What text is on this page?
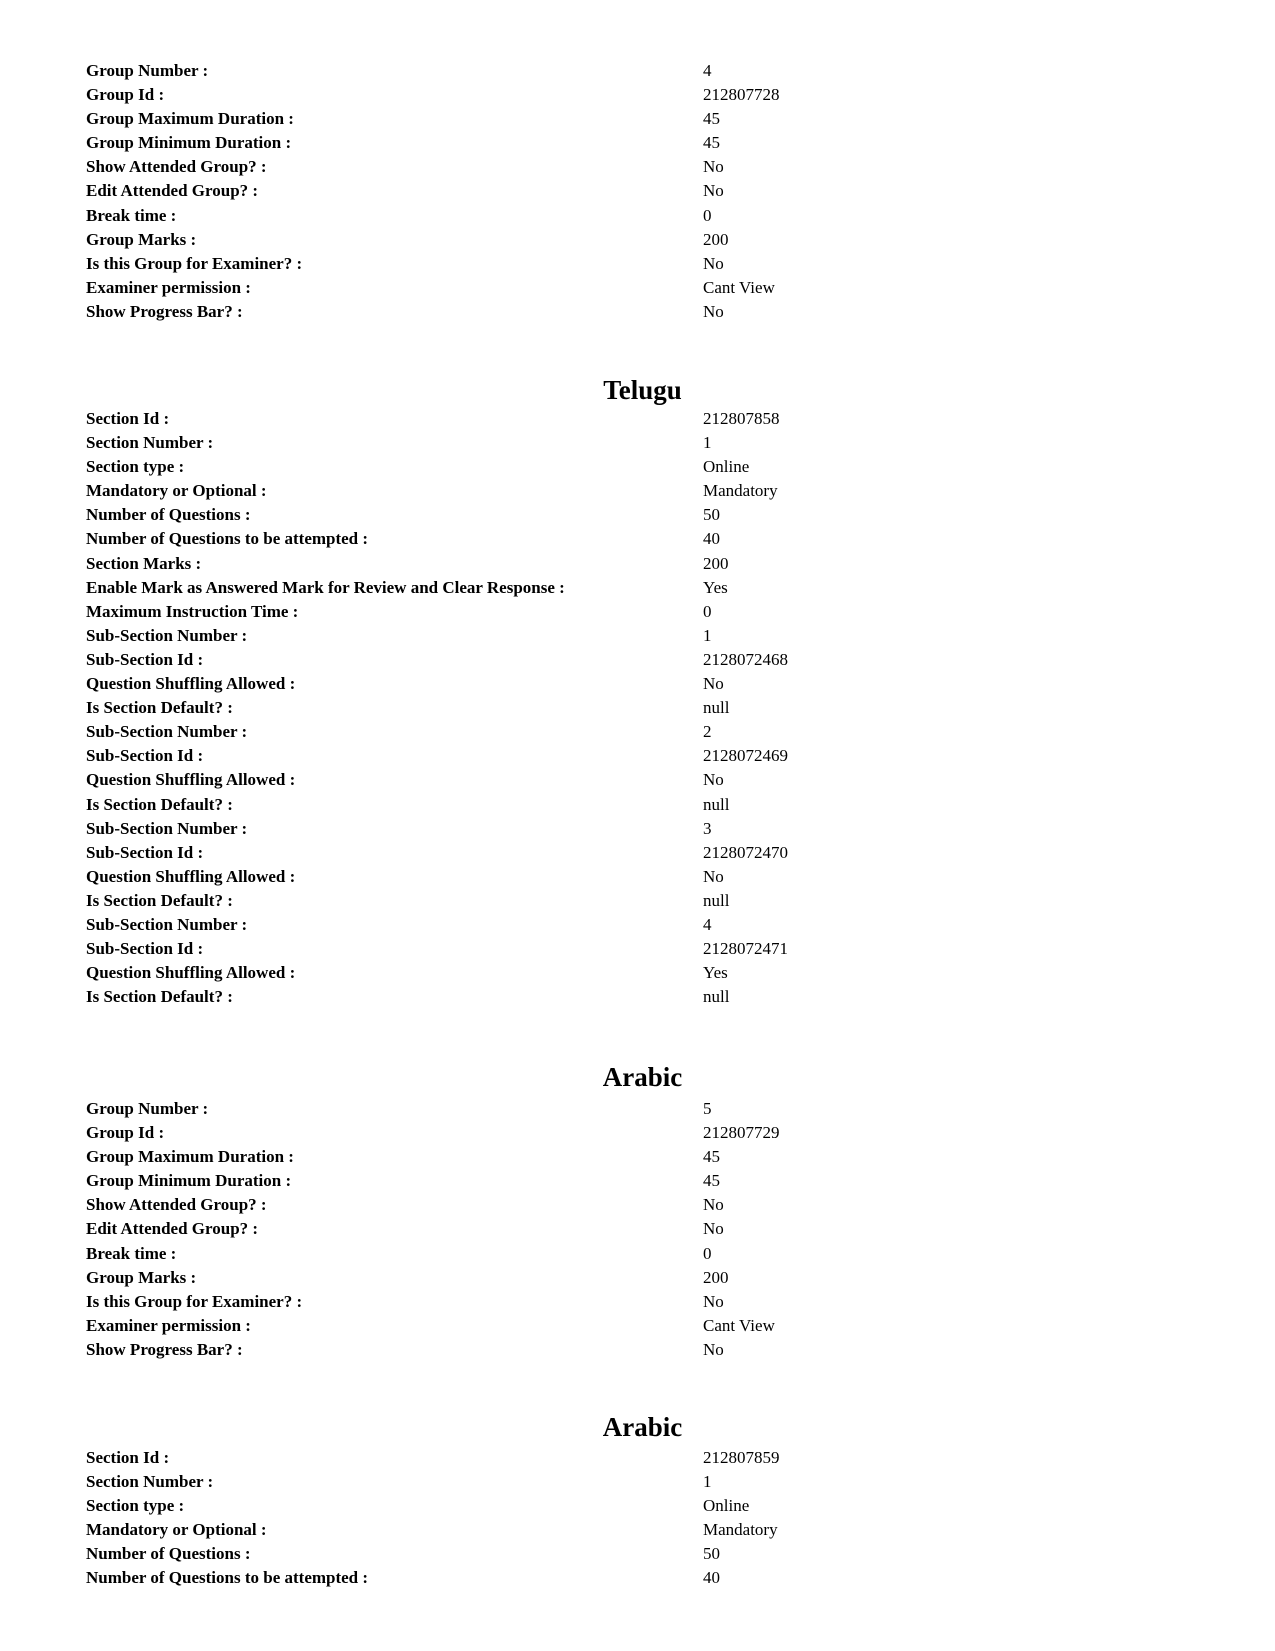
Group Number :	4
Group Id :	212807728
Group Maximum Duration :	45
Group Minimum Duration :	45
Show Attended Group? :	No
Edit Attended Group? :	No
Break time :	0
Group Marks :	200
Is this Group for Examiner? :	No
Examiner permission :	Cant View
Show Progress Bar? :	No
Telugu
Section Id :	212807858
Section Number :	1
Section type :	Online
Mandatory or Optional :	Mandatory
Number of Questions :	50
Number of Questions to be attempted :	40
Section Marks :	200
Enable Mark as Answered Mark for Review and Clear Response :	Yes
Maximum Instruction Time :	0
Sub-Section Number :	1
Sub-Section Id :	2128072468
Question Shuffling Allowed :	No
Is Section Default? :	null
Sub-Section Number :	2
Sub-Section Id :	2128072469
Question Shuffling Allowed :	No
Is Section Default? :	null
Sub-Section Number :	3
Sub-Section Id :	2128072470
Question Shuffling Allowed :	No
Is Section Default? :	null
Sub-Section Number :	4
Sub-Section Id :	2128072471
Question Shuffling Allowed :	Yes
Is Section Default? :	null
Arabic
Group Number :	5
Group Id :	212807729
Group Maximum Duration :	45
Group Minimum Duration :	45
Show Attended Group? :	No
Edit Attended Group? :	No
Break time :	0
Group Marks :	200
Is this Group for Examiner? :	No
Examiner permission :	Cant View
Show Progress Bar? :	No
Arabic
Section Id :	212807859
Section Number :	1
Section type :	Online
Mandatory or Optional :	Mandatory
Number of Questions :	50
Number of Questions to be attempted :	40
